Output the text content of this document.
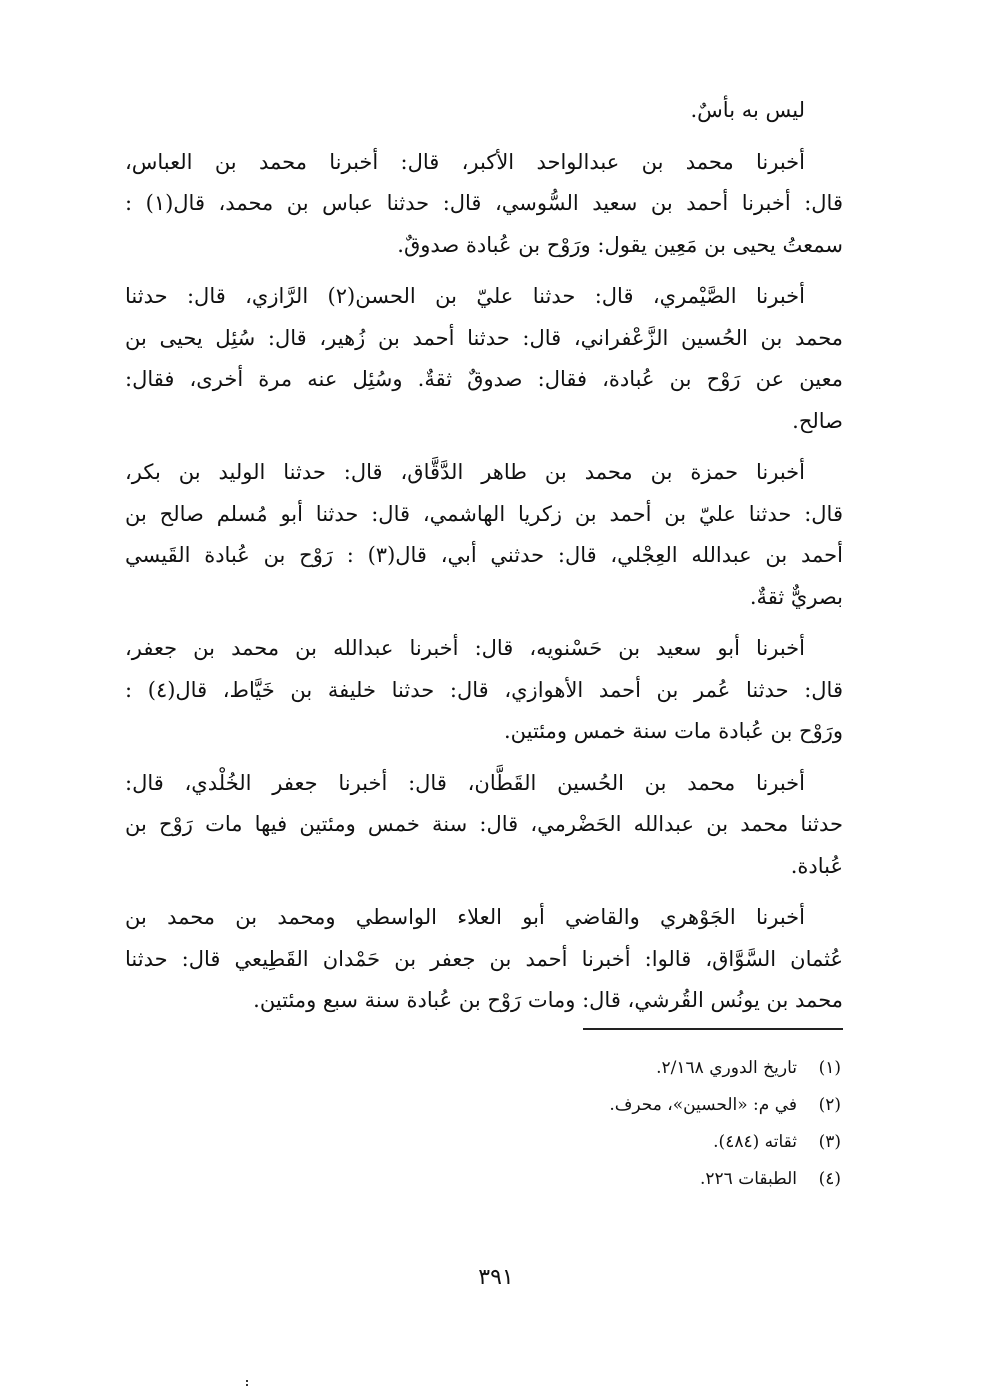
ليس به بأسٌ.
أخبرنا محمد بن عبدالواحد الأكبر، قال: أخبرنا محمد بن العباس،
قال: أخبرنا أحمد بن سعيد السُّوسي، قال: حدثنا عباس بن محمد، قال(١) :
سمعتُ يحيى بن مَعِين يقول: ورَوْح بن عُبادة صدوقٌ.
أخبرنا الصَّيْمري، قال: حدثنا عليّ بن الحسن(٢) الرَّازي، قال: حدثنا
محمد بن الحُسين الزَّعْفراني، قال: حدثنا أحمد بن زُهير، قال: سُئِل يحيى بن
معين عن رَوْح بن عُبادة، فقال: صدوقٌ ثقةٌ. وسُئِل عنه مرة أخرى، فقال:
صالح.
أخبرنا حمزة بن محمد بن طاهر الدَّقَّاق، قال: حدثنا الوليد بن بكر،
قال: حدثنا عليّ بن أحمد بن زكريا الهاشمي، قال: حدثنا أبو مُسلم صالح بن
أحمد بن عبدالله العِجْلي، قال: حدثني أبي، قال(٣) : رَوْح بن عُبادة القَيسي
بصريٌّ ثقةٌ.
أخبرنا أبو سعيد بن حَسْنويه، قال: أخبرنا عبدالله بن محمد بن جعفر،
قال: حدثنا عُمر بن أحمد الأهوازي، قال: حدثنا خليفة بن خَيَّاط، قال(٤) :
ورَوْح بن عُبادة مات سنة خمس ومئتين.
أخبرنا محمد بن الحُسين القَطَّان، قال: أخبرنا جعفر الخُلْدي، قال:
حدثنا محمد بن عبدالله الحَضْرمي، قال: سنة خمس ومئتين فيها مات رَوْح بن
عُبادة.
أخبرنا الجَوْهري والقاضي أبو العلاء الواسطي ومحمد بن محمد بن
عُثمان السَّوَّاق، قالوا: أخبرنا أحمد بن جعفر بن حَمْدان القَطِيعي قال: حدثنا
محمد بن يونُس القُرشي، قال: ومات رَوْح بن عُبادة سنة سبع ومئتين.
(١)تاريخ الدوري ٢/١٦٨.
(٢)في م: «الحسين»، محرف.
(٣)ثقاته (٤٨٤).
(٤)الطبقات ٢٢٦.
٣٩١
